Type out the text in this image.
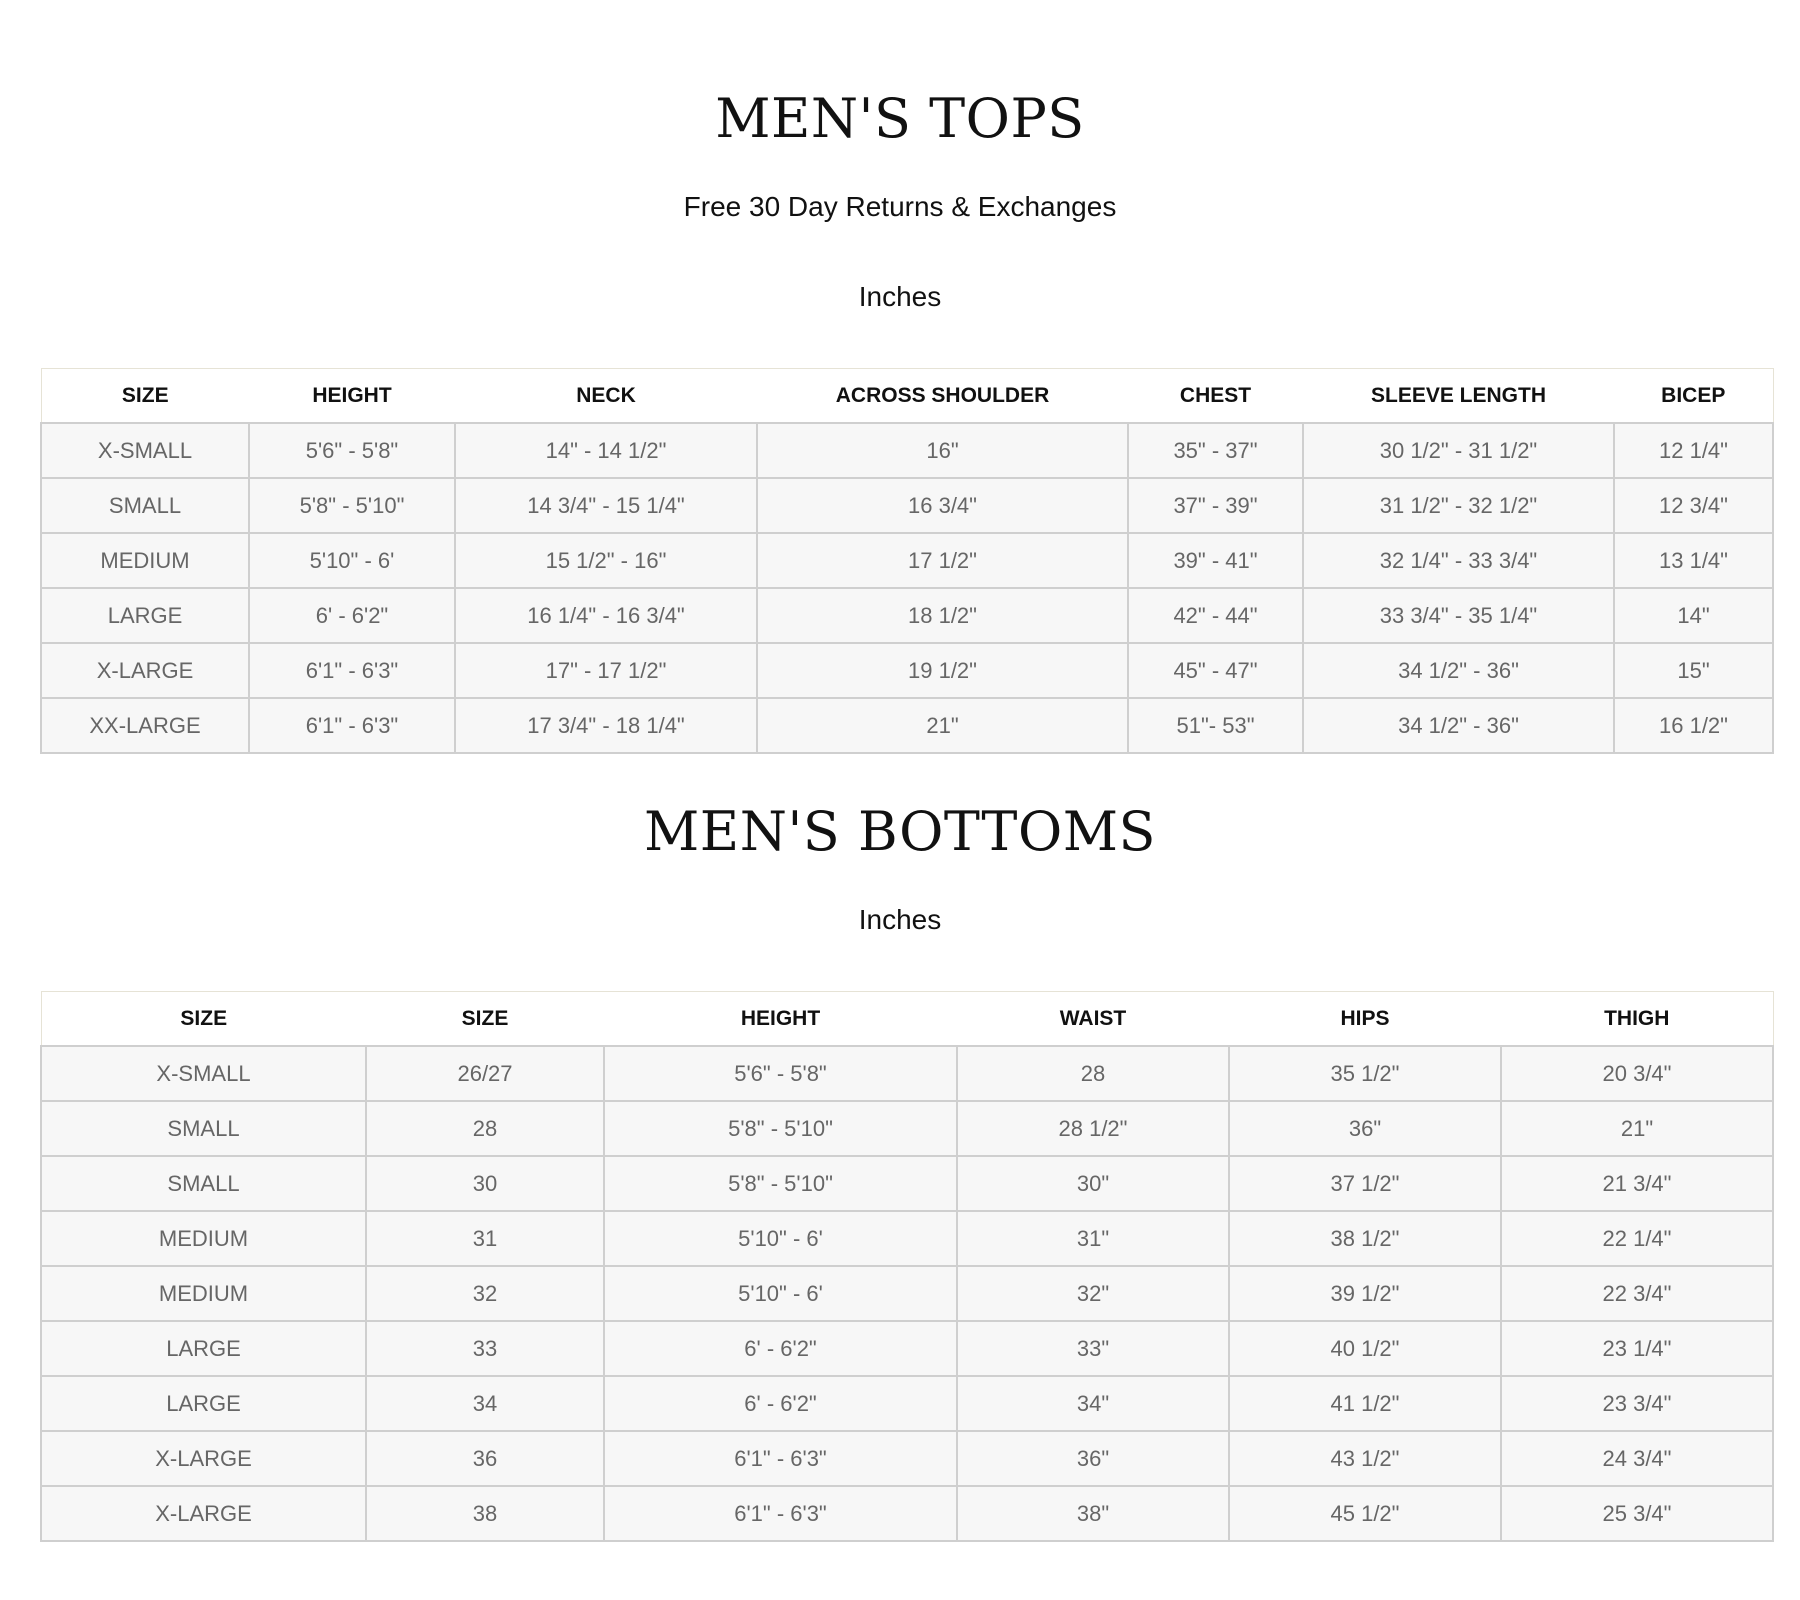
MEN'S TOPS
Free 30 Day Returns & Exchanges
Inches
SIZE	HEIGHT	NECK	ACROSS SHOULDER	CHEST	SLEEVE LENGTH	BICEP
X-SMALL	5'6" - 5'8"	14" - 14 1/2"	16"	35" - 37"	30 1/2" - 31 1/2"	12 1/4"
SMALL	5'8" - 5'10"	14 3/4" - 15 1/4"	16 3/4"	37" - 39"	31 1/2" - 32 1/2"	12 3/4"
MEDIUM	5'10" - 6'	15 1/2" - 16"	17 1/2"	39" - 41"	32 1/4" - 33 3/4"	13 1/4"
LARGE	6' - 6'2"	16 1/4" - 16 3/4"	18 1/2"	42" - 44"	33 3/4" - 35 1/4"	14"
X-LARGE	6'1" - 6'3"	17" - 17 1/2"	19 1/2"	45" - 47"	34 1/2" - 36"	15"
XX-LARGE	6'1" - 6'3"	17 3/4" - 18 1/4"	21"	51"- 53"	34 1/2" - 36"	16 1/2"
MEN'S BOTTOMS
Inches
SIZE	SIZE	HEIGHT	WAIST	HIPS	THIGH
X-SMALL	26/27	5'6" - 5'8"	28	35 1/2"	20 3/4"
SMALL	28	5'8" - 5'10"	28 1/2"	36"	21"
SMALL	30	5'8" - 5'10"	30"	37 1/2"	21 3/4"
MEDIUM	31	5'10" - 6'	31"	38 1/2"	22 1/4"
MEDIUM	32	5'10" - 6'	32"	39 1/2"	22 3/4"
LARGE	33	6' - 6'2"	33"	40 1/2"	23 1/4"
LARGE	34	6' - 6'2"	34"	41 1/2"	23 3/4"
X-LARGE	36	6'1" - 6'3"	36"	43 1/2"	24 3/4"
X-LARGE	38	6'1" - 6'3"	38"	45 1/2"	25 3/4"
